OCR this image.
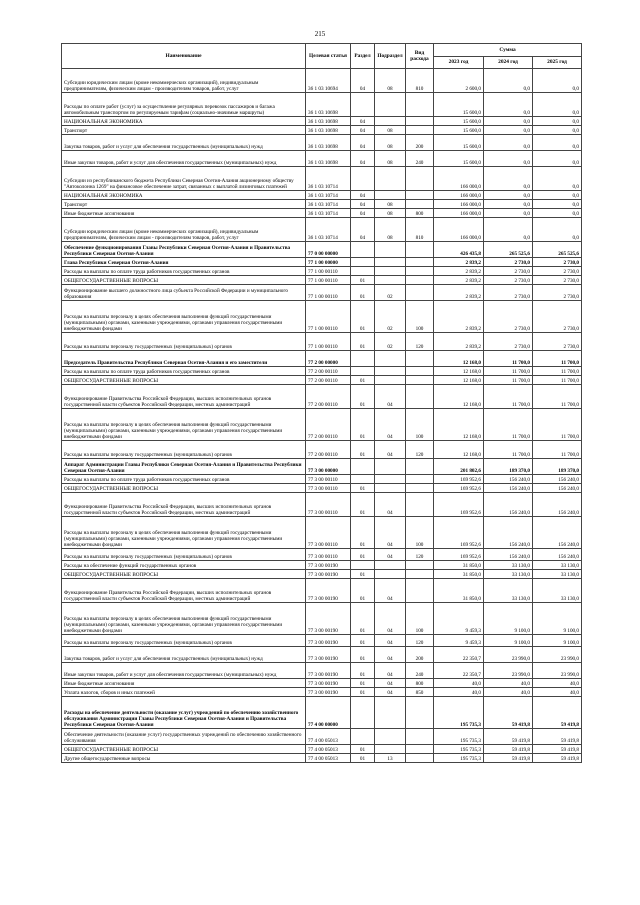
215
Наименование	Целевая статья	Раздел	Подраздел	Вид расхода	Сумма		
					2023 год	2024 год	2025 год
Субсидии юридическим лицам (кроме некоммерческих организаций), индивидуальным предпринимателям, физическим лицам - производителям товаров, работ, услуг	36 1 03 10694	04	08	810	2 600,0	0,0	0,0
Расходы по оплате работ (услуг) за осуществление регулярных перевозок пассажиров и багажа автомобильным транспортом по регулируемым тарифам (социально-значимые маршруты)	36 1 03 10698				15 600,0	0,0	0,0
НАЦИОНАЛЬНАЯ ЭКОНОМИКА	36 1 03 10698	04			15 600,0	0,0	0,0
Транспорт	36 1 03 10698	04	08		15 600,0	0,0	0,0
Закупка товаров, работ и услуг для обеспечения государственных (муниципальных) нужд	36 1 03 10698	04	08	200	15 600,0	0,0	0,0
Иные закупки товаров, работ и услуг для обеспечения государственных (муниципальных) нужд	36 1 03 10698	04	08	240	15 600,0	0,0	0,0
Субсидии из республиканского бюджета Республики Северная Осетия-Алания акционерному обществу "Автоколонна 1269" на финансовое обеспечение затрат, связанных с выплатой лизинговых платежей	36 1 03 10714				166 000,0	0,0	0,0
НАЦИОНАЛЬНАЯ ЭКОНОМИКА	36 1 03 10714	04			166 000,0	0,0	0,0
Транспорт	36 1 03 10714	04	08		166 000,0	0,0	0,0
Иные бюджетные ассигнования	36 1 03 10714	04	08	800	166 000,0	0,0	0,0
Субсидии юридическим лицам (кроме некоммерческих организаций), индивидуальным предпринимателям, физическим лицам - производителям товаров, работ, услуг	36 1 03 10714	04	08	810	166 000,0	0,0	0,0
Обеспечение функционирования Главы Республики Северная Осетия-Алания и Правительства Республики Северная Осетия-Алания	77 0 00 00000				426 435,8	265 525,6	265 525,6
Глава Республики Северная Осетия-Алания	77 1 00 00000				2 839,2	2 730,0	2 730,0
Расходы на выплаты по оплате труда работников государственных органов	77 1 00 00110				2 839,2	2 730,0	2 730,0
ОБЩЕГОСУДАРСТВЕННЫЕ ВОПРОСЫ	77 1 00 00110	01			2 839,2	2 730,0	2 730,0
Функционирование высшего должностного лица субъекта Российской Федерации и муниципального образования	77 1 00 00110	01	02		2 839,2	2 730,0	2 730,0
Расходы на выплаты персоналу в целях обеспечения выполнения функций государственными (муниципальными) органами, казенными учреждениями, органами управления государственными внебюджетными фондами	77 1 00 00110	01	02	100	2 839,2	2 730,0	2 730,0
Расходы на выплаты персоналу государственных (муниципальных) органов	77 1 00 00110	01	02	120	2 839,2	2 730,0	2 730,0
Председатель Правительства Республики Северная Осетия-Алания и его заместители	77 2 00 00000				12 168,0	11 700,0	11 700,0
Расходы на выплаты по оплате труда работников государственных органов	77 2 00 00110				12 168,0	11 700,0	11 700,0
ОБЩЕГОСУДАРСТВЕННЫЕ ВОПРОСЫ	77 2 00 00110	01			12 168,0	11 700,0	11 700,0
Функционирование Правительства Российской Федерации, высших исполнительных органов государственной власти субъектов Российской Федерации, местных администраций	77 2 00 00110	01	04		12 168,0	11 700,0	11 700,0
Расходы на выплаты персоналу в целях обеспечения выполнения функций государственными (муниципальными) органами, казенными учреждениями, органами управления государственными внебюджетными фондами	77 2 00 00110	01	04	100	12 168,0	11 700,0	11 700,0
Расходы на выплаты персоналу государственных (муниципальных) органов	77 2 00 00110	01	04	120	12 168,0	11 700,0	11 700,0
Аппарат Администрации Главы Республики Северная Осетия-Алания и Правительства Республики Северная Осетия-Алания	77 3 00 00000				201 802,6	189 370,0	189 370,0
Расходы на выплаты по оплате труда работников государственных органов	77 3 00 00110				169 952,6	156 240,0	156 240,0
ОБЩЕГОСУДАРСТВЕННЫЕ ВОПРОСЫ	77 3 00 00110	01			169 952,6	156 240,0	156 240,0
Функционирование Правительства Российской Федерации, высших исполнительных органов государственной власти субъектов Российской Федерации, местных администраций	77 3 00 00110	01	04		169 952,6	156 240,0	156 240,0
Расходы на выплаты персоналу в целях обеспечения выполнения функций государственными (муниципальными) органами, казенными учреждениями, органами управления государственными внебюджетными фондами	77 3 00 00110	01	04	100	169 952,6	156 240,0	156 240,0
Расходы на выплаты персоналу государственных (муниципальных) органов	77 3 00 00110	01	04	120	169 952,6	156 240,0	156 240,0
Расходы на обеспечение функций государственных органов	77 3 00 00190				31 850,0	33 130,0	33 130,0
ОБЩЕГОСУДАРСТВЕННЫЕ ВОПРОСЫ	77 3 00 00190	01			31 850,0	33 130,0	33 130,0
Функционирование Правительства Российской Федерации, высших исполнительных органов государственной власти субъектов Российской Федерации, местных администраций	77 3 00 00190	01	04		31 850,0	33 130,0	33 130,0
Расходы на выплаты персоналу в целях обеспечения выполнения функций государственными (муниципальными) органами, казенными учреждениями, органами управления государственными внебюджетными фондами	77 3 00 00190	01	04	100	9 459,3	9 100,0	9 100,0
Расходы на выплаты персоналу государственных (муниципальных) органов	77 3 00 00190	01	04	120	9 459,3	9 100,0	9 100,0
Закупка товаров, работ и услуг для обеспечения государственных (муниципальных) нужд	77 3 00 00190	01	04	200	22 350,7	23 990,0	23 990,0
Иные закупки товаров, работ и услуг для обеспечения государственных (муниципальных) нужд	77 3 00 00190	01	04	240	22 350,7	23 990,0	23 990,0
Иные бюджетные ассигнования	77 3 00 00190	01	04	800	40,0	40,0	40,0
Уплата налогов, сборов и иных платежей	77 3 00 00190	01	04	850	40,0	40,0	40,0
Расходы на обеспечение деятельности (оказание услуг) учреждений по обеспечению хозяйственного обслуживания Администрации Главы Республики Северная Осетия-Алания и Правительства Республики Северная Осетия-Алания	77 4 00 00000				195 735,3	59 419,8	59 419,8
Обеспечение деятельности (оказание услуг) государственных учреждений по обеспечению хозяйственного обслуживания	77 4 00 05013				195 735,3	59 419,8	59 419,8
ОБЩЕГОСУДАРСТВЕННЫЕ ВОПРОСЫ	77 4 00 05013	01			195 735,3	59 419,8	59 419,8
Другие общегосударственные вопросы	77 4 00 05013	01	13		195 735,3	59 419,8	59 419,8
